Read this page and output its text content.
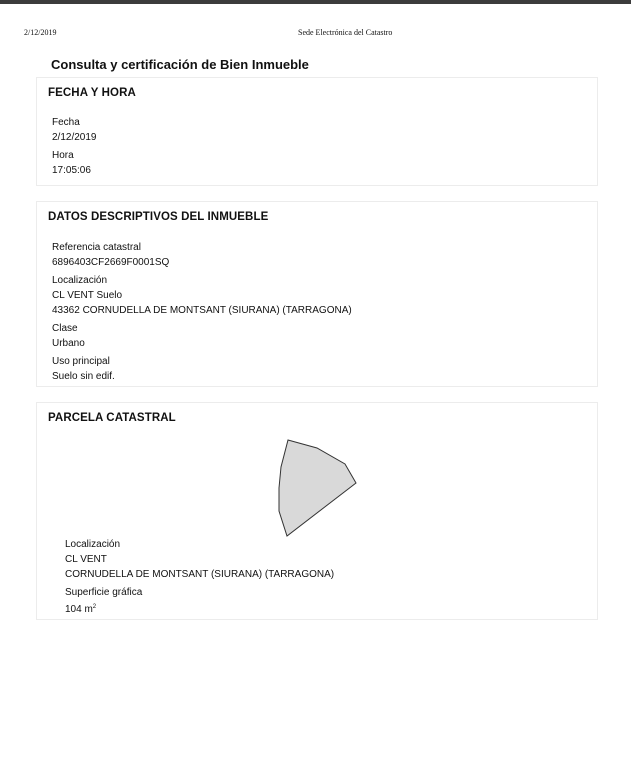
2/12/2019	Sede Electrónica del Catastro
Consulta y certificación de Bien Inmueble
FECHA Y HORA
Fecha
2/12/2019
Hora
17:05:06
DATOS DESCRIPTIVOS DEL INMUEBLE
Referencia catastral
6896403CF2669F0001SQ
Localización
CL VENT Suelo
43362 CORNUDELLA DE MONTSANT (SIURANA) (TARRAGONA)
Clase
Urbano
Uso principal
Suelo sin edif.
PARCELA CATASTRAL
Localización
CL VENT
CORNUDELLA DE MONTSANT (SIURANA) (TARRAGONA)
Superficie gráfica
104 $m^2$
